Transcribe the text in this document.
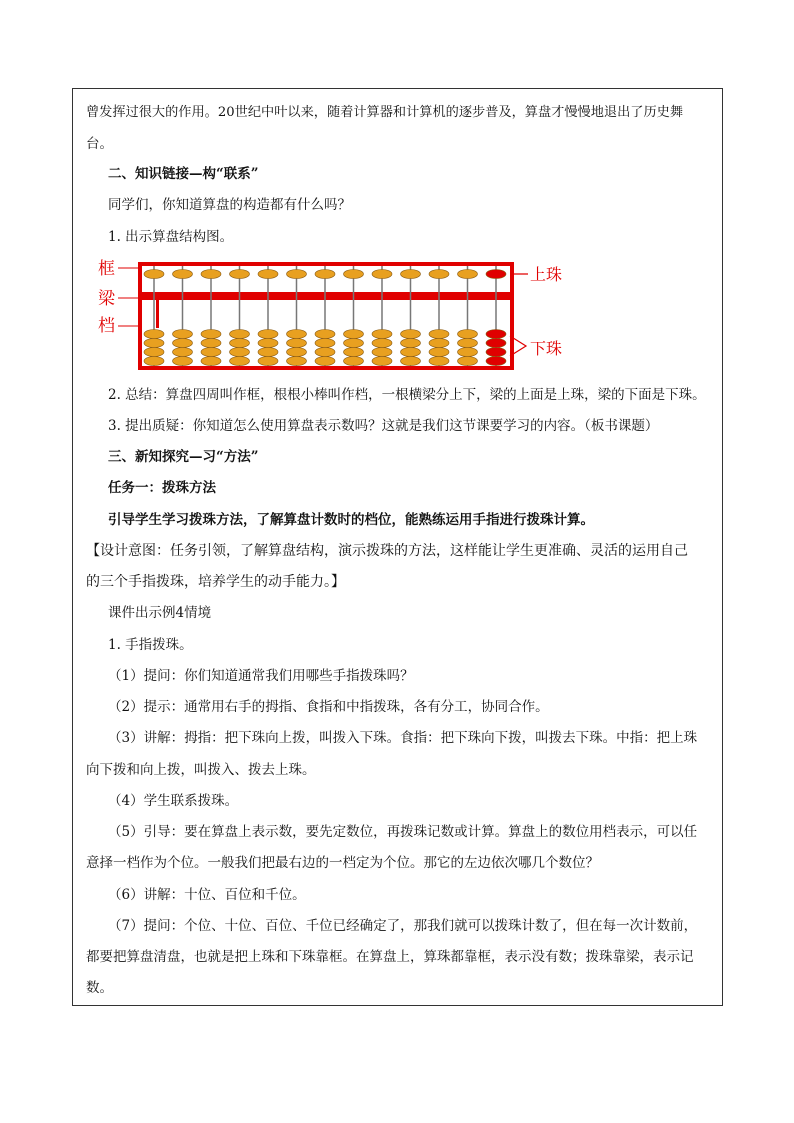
曾发挥过很大的作用。20世纪中叶以来，随着计算器和计算机的逐步普及，算盘才慢慢地退出了历史舞
台。
二、知识链接—构“联系”
同学们，你知道算盘的构造都有什么吗？
1. 出示算盘结构图。
框
梁
档
上珠
下珠
2. 总结：算盘四周叫作框，根根小棒叫作档，一根横梁分上下，梁的上面是上珠，梁的下面是下珠。
3. 提出质疑：你知道怎么使用算盘表示数吗？这就是我们这节课要学习的内容。（板书课题）
三、新知探究—习“方法”
任务一：拨珠方法
引导学生学习拨珠方法，了解算盘计数时的档位，能熟练运用手指进行拨珠计算。
【设计意图：任务引领，了解算盘结构，演示拨珠的方法，这样能让学生更准确、灵活的运用自己
的三个手指拨珠，培养学生的动手能力。】
课件出示例4情境
1. 手指拨珠。
（1）提问：你们知道通常我们用哪些手指拨珠吗？
（2）提示：通常用右手的拇指、食指和中指拨珠，各有分工，协同合作。
（3）讲解：拇指：把下珠向上拨，叫拨入下珠。食指：把下珠向下拨，叫拨去下珠。中指：把上珠
向下拨和向上拨，叫拨入、拨去上珠。
（4）学生联系拨珠。
（5）引导：要在算盘上表示数，要先定数位，再拨珠记数或计算。算盘上的数位用档表示，可以任
意择一档作为个位。一般我们把最右边的一档定为个位。那它的左边依次哪几个数位？
（6）讲解：十位、百位和千位。
（7）提问：个位、十位、百位、千位已经确定了，那我们就可以拨珠计数了，但在每一次计数前，
都要把算盘清盘，也就是把上珠和下珠靠框。在算盘上，算珠都靠框，表示没有数；拨珠靠梁，表示记
数。
